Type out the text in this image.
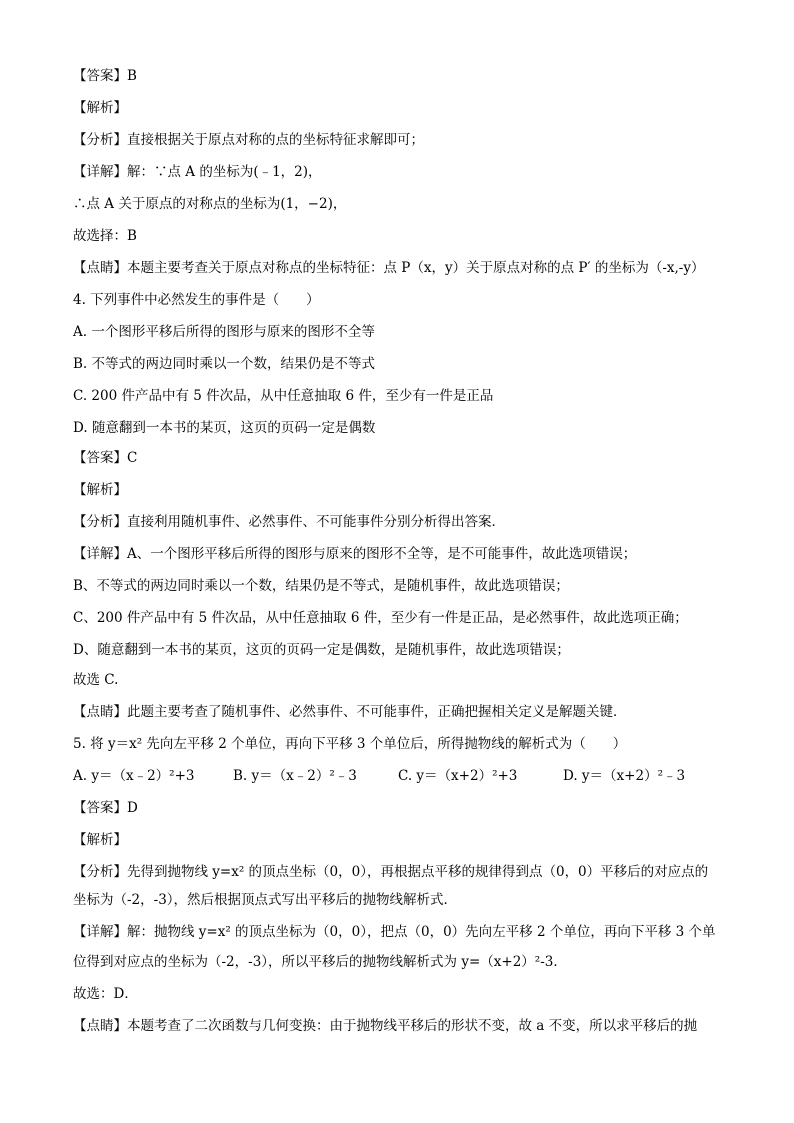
【答案】B
【解析】
【分析】直接根据关于原点对称的点的坐标特征求解即可；
【详解】解：∵点 A 的坐标为(﹣1，2)，
∴点 A 关于原点的对称点的坐标为(1，−2)，
故选择：B
【点睛】本题主要考查关于原点对称点的坐标特征：点 P（x，y）关于原点对称的点 P′ 的坐标为（-x,-y）
4. 下列事件中必然发生的事件是（　　）
A. 一个图形平移后所得的图形与原来的图形不全等
B. 不等式的两边同时乘以一个数，结果仍是不等式
C. 200 件产品中有 5 件次品，从中任意抽取 6 件，至少有一件是正品
D. 随意翻到一本书的某页，这页的页码一定是偶数
【答案】C
【解析】
【分析】直接利用随机事件、必然事件、不可能事件分别分析得出答案．
【详解】A、一个图形平移后所得的图形与原来的图形不全等，是不可能事件，故此选项错误；
B、不等式的两边同时乘以一个数，结果仍是不等式，是随机事件，故此选项错误；
C、200 件产品中有 5 件次品，从中任意抽取 6 件，至少有一件是正品，是必然事件，故此选项正确；
D、随意翻到一本书的某页，这页的页码一定是偶数，是随机事件，故此选项错误；
故选 C.
【点睛】此题主要考查了随机事件、必然事件、不可能事件，正确把握相关定义是解题关键．
5. 将 y＝x² 先向左平移 2 个单位，再向下平移 3 个单位后，所得抛物线的解析式为（　　）
A. y＝（x﹣2）²+3	B. y＝（x﹣2）²﹣3	C. y＝（x+2）²+3	D. y＝（x+2）²﹣3
【答案】D
【解析】
【分析】先得到抛物线 y=x² 的顶点坐标（0，0），再根据点平移的规律得到点（0，0）平移后的对应点的
坐标为（-2，-3），然后根据顶点式写出平移后的抛物线解析式．
【详解】解：抛物线 y=x² 的顶点坐标为（0，0），把点（0，0）先向左平移 2 个单位，再向下平移 3 个单
位得到对应点的坐标为（-2，-3），所以平移后的抛物线解析式为 y=（x+2）²-3．
故选：D．
【点睛】本题考查了二次函数与几何变换：由于抛物线平移后的形状不变，故 a 不变，所以求平移后的抛
